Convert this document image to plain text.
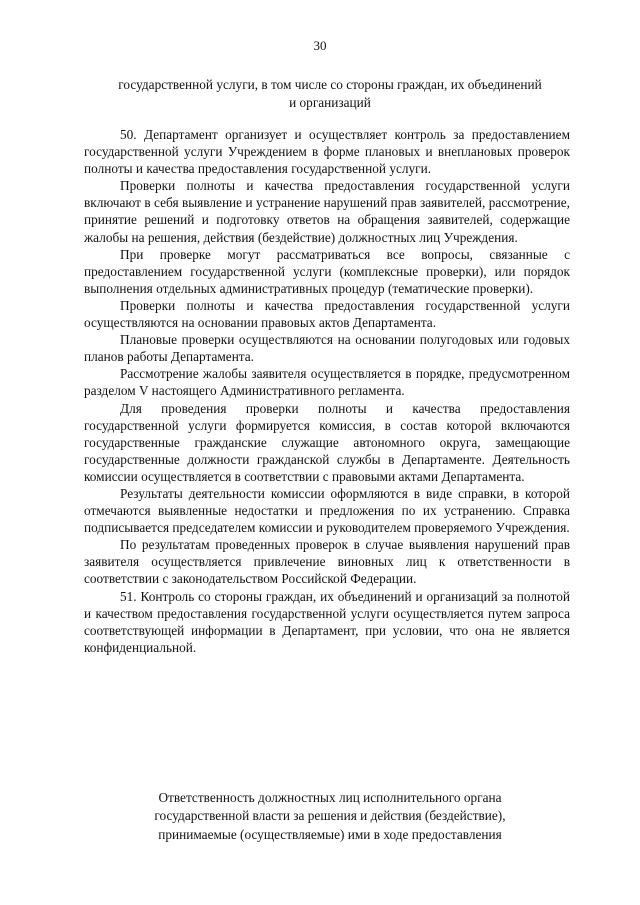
30
государственной услуги, в том числе со стороны граждан, их объединений
и организаций

50. Департамент организует и осуществляет контроль за предоставлением государственной услуги Учреждением в форме плановых и внеплановых проверок полноты и качества предоставления государственной услуги.

Проверки полноты и качества предоставления государственной услуги включают в себя выявление и устранение нарушений прав заявителей, рассмотрение, принятие решений и подготовку ответов на обращения заявителей, содержащие жалобы на решения, действия (бездействие) должностных лиц Учреждения.

При проверке могут рассматриваться все вопросы, связанные с предоставлением государственной услуги (комплексные проверки), или порядок выполнения отдельных административных процедур (тематические проверки).

Проверки полноты и качества предоставления государственной услуги осуществляются на основании правовых актов Департамента.

Плановые проверки осуществляются на основании полугодовых или годовых планов работы Департамента.

Рассмотрение жалобы заявителя осуществляется в порядке, предусмотренном разделом V настоящего Административного регламента.

Для проведения проверки полноты и качества предоставления государственной услуги формируется комиссия, в состав которой включаются государственные гражданские служащие автономного округа, замещающие государственные должности гражданской службы в Департаменте. Деятельность комиссии осуществляется в соответствии с правовыми актами Департамента.

Результаты деятельности комиссии оформляются в виде справки, в которой отмечаются выявленные недостатки и предложения по их устранению. Справка подписывается председателем комиссии и руководителем проверяемого Учреждения.

По результатам проведенных проверок в случае выявления нарушений прав заявителя осуществляется привлечение виновных лиц к ответственности в соответствии с законодательством Российской Федерации.

51. Контроль со стороны граждан, их объединений и организаций за полнотой и качеством предоставления государственной услуги осуществляется путем запроса соответствующей информации в Департамент, при условии, что она не является конфиденциальной.

Ответственность должностных лиц исполнительного органа
государственной власти за решения и действия (бездействие),
принимаемые (осуществляемые) ими в ходе предоставления
